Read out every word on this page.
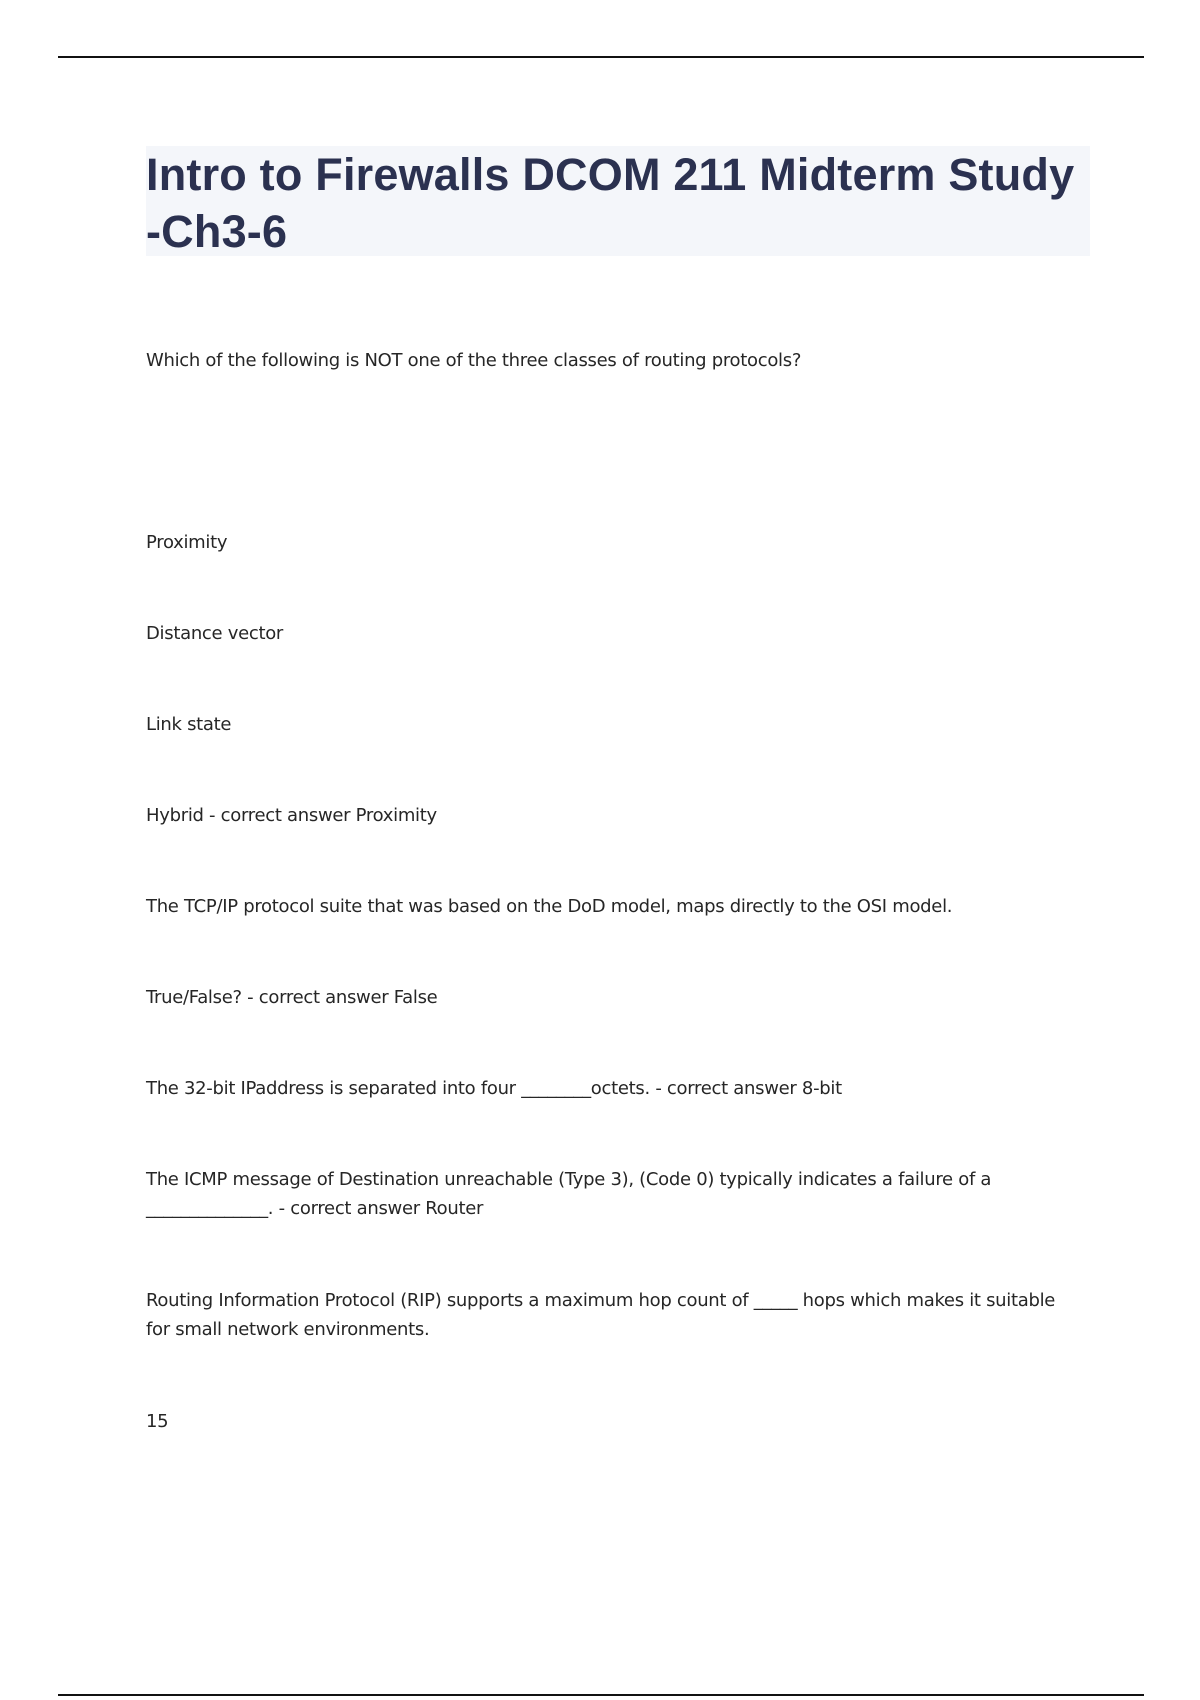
Intro to Firewalls DCOM 211 Midterm Study -Ch3-6

Which of the following is NOT one of the three classes of routing protocols?

Proximity

Distance vector

Link state

Hybrid - correct answer Proximity

The TCP/IP protocol suite that was based on the DoD model, maps directly to the OSI model.

True/False? - correct answer False

The 32-bit IPaddress is separated into four ________octets. - correct answer 8-bit

The ICMP message of Destination unreachable (Type 3), (Code 0) typically indicates a failure of a ______________. - correct answer Router

Routing Information Protocol (RIP) supports a maximum hop count of _____ hops which makes it suitable for small network environments.

15
